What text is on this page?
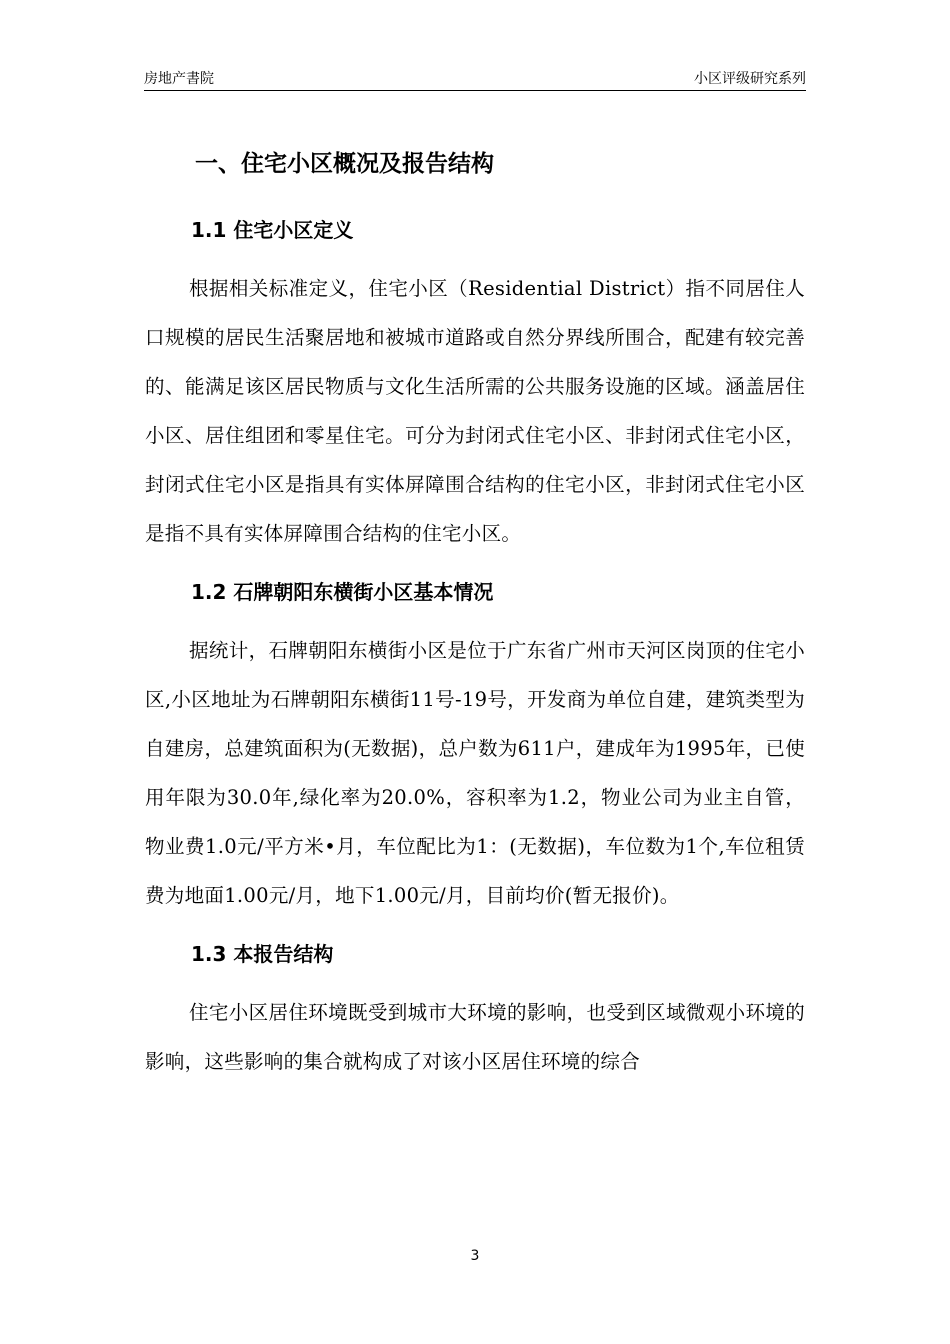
房地产書院	小区评级研究系列
一、住宅小区概况及报告结构
1.1 住宅小区定义

根据相关标准定义，住宅小区（Residential District）指不同居住人口规模的居民生活聚居地和被城市道路或自然分界线所围合，配建有较完善的、能满足该区居民物质与文化生活所需的公共服务设施的区域。涵盖居住小区、居住组团和零星住宅。可分为封闭式住宅小区、非封闭式住宅小区，封闭式住宅小区是指具有实体屏障围合结构的住宅小区，非封闭式住宅小区是指不具有实体屏障围合结构的住宅小区。

1.2 石牌朝阳东横街小区基本情况

据统计，石牌朝阳东横街小区是位于广东省广州市天河区岗顶的住宅小区,小区地址为石牌朝阳东横街11号-19号，开发商为单位自建，建筑类型为自建房，总建筑面积为(无数据)，总户数为611户，建成年为1995年，已使用年限为30.0年,绿化率为20.0%，容积率为1.2，物业公司为业主自管，物业费1.0元/平方米•月，车位配比为1：(无数据)，车位数为1个,车位租赁费为地面1.00元/月，地下1.00元/月，目前均价(暂无报价)。

1.3 本报告结构

住宅小区居住环境既受到城市大环境的影响，也受到区域微观小环境的影响，这些影响的集合就构成了对该小区居住环境的综合

3
